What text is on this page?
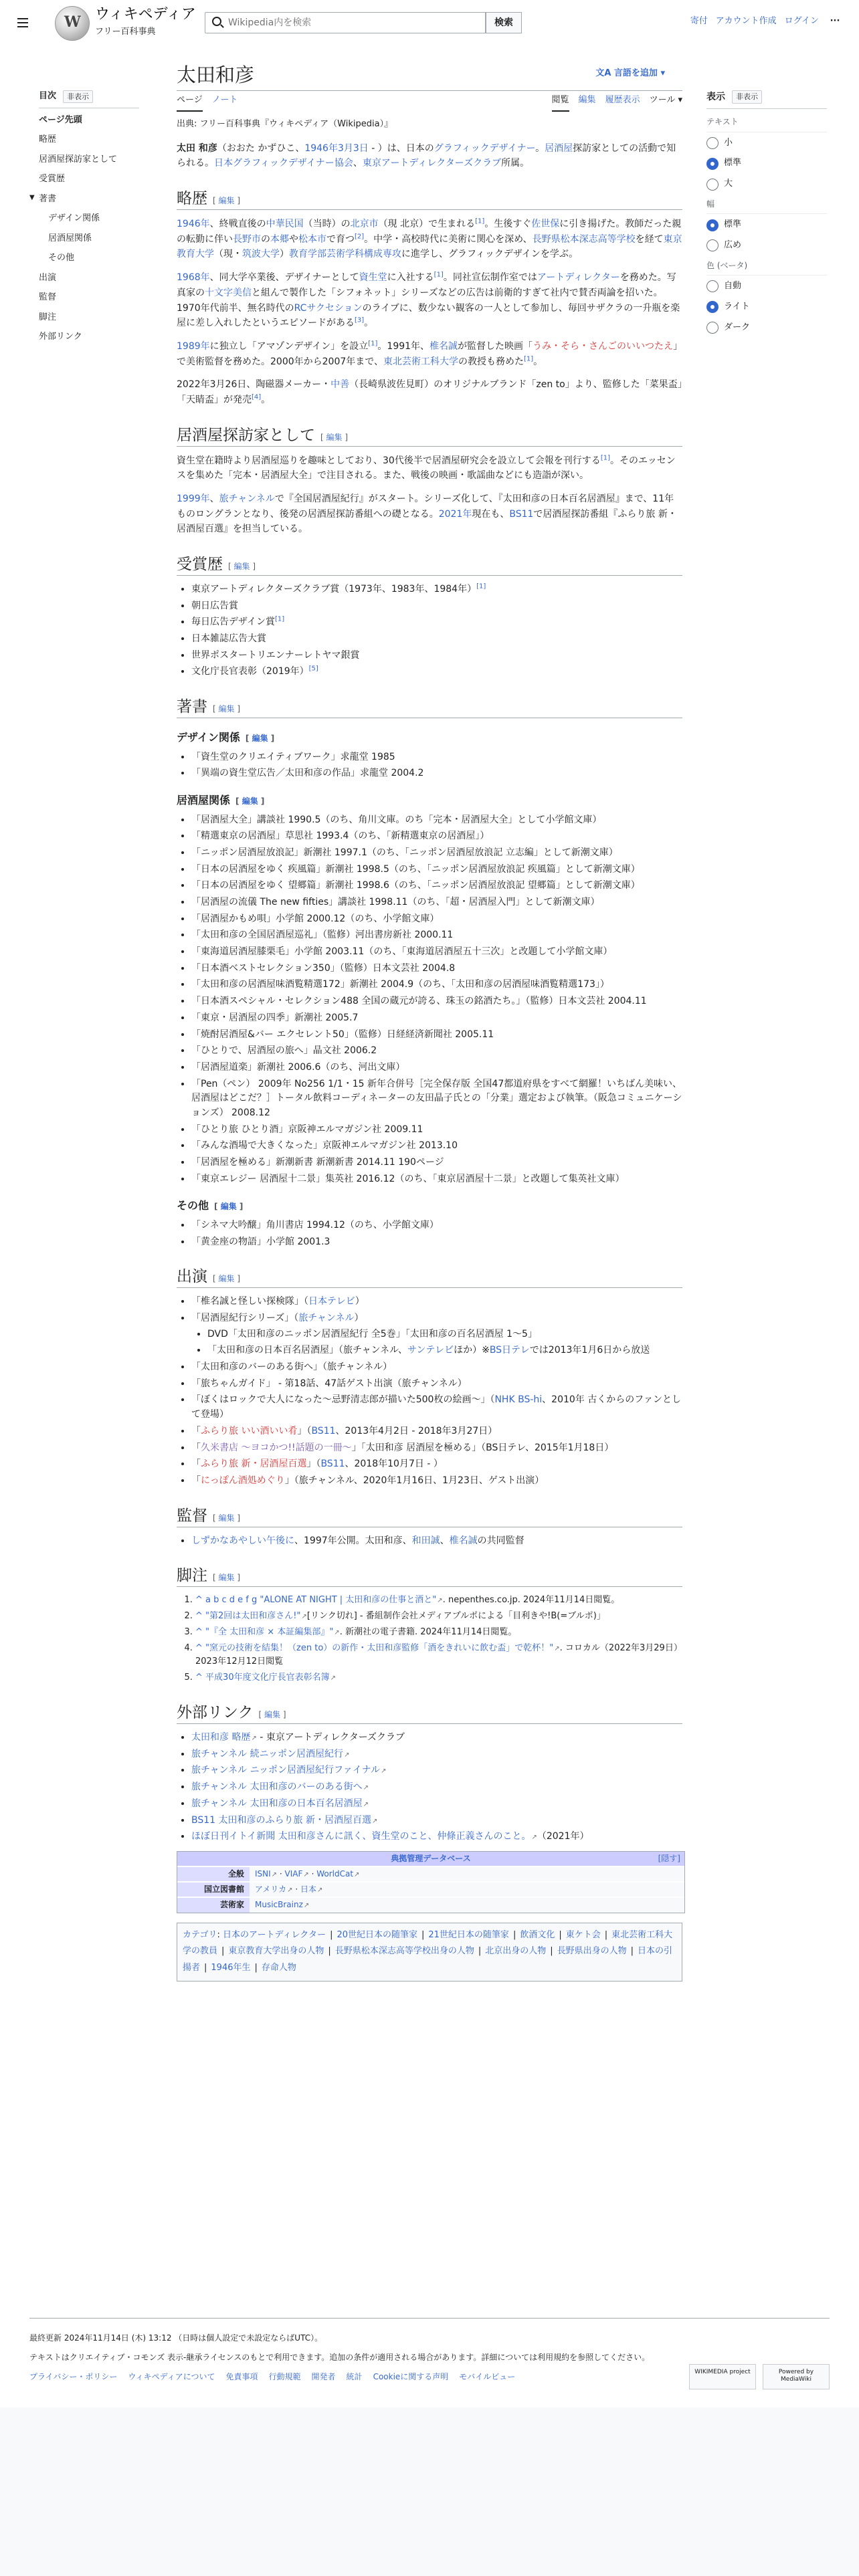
W ウィキペディア
フリー百科事典
Wikipedia内を検索
検索	寄付 アカウント作成 ログイン	···
目次	非表示
ページ先頭
略歴
居酒屋探訪家として
受賞歴
著書
▼
デザイン関係
居酒屋関係
その他
出演
監督
脚注
外部リンク
太田和彦	文A 言語を追加 ▾
ページ ノート	閲覧 編集 履歴表示 ツール ▾
出典: フリー百科事典『ウィキペディア（Wikipedia）』

太田 和彦（おおた かずひこ、1946年3月3日 - ）は、日本のグラフィックデザイナー。居酒屋探訪家としての活動で知られる。日本グラフィックデザイナー協会、東京アートディレクターズクラブ所属。

略歴 [ 編集 ]

1946年、終戦直後の中華民国（当時）の北京市（現 北京）で生まれる[1]。生後すぐ佐世保に引き揚げた。教師だった親の転勤に伴い長野市の本郷や松本市で育つ[2]。中学・高校時代に美術に関心を深め、長野県松本深志高等学校を経て東京教育大学（現・筑波大学）教育学部芸術学科構成専攻に進学し、グラフィックデザインを学ぶ。

1968年、同大学卒業後、デザイナーとして資生堂に入社する[1]。同社宣伝制作室ではアートディレクターを務めた。写真家の十文字美信と組んで製作した「シフォネット」シリーズなどの広告は前衛的すぎて社内で賛否両論を招いた。1970年代前半、無名時代のRCサクセションのライブに、数少ない観客の一人として参加し、毎回サザクラの一升瓶を楽屋に差し入れしたというエピソードがある[3]。

1989年に独立し「アマゾンデザイン」を設立[1]。1991年、椎名誠が監督した映画「うみ・そら・さんごのいいつたえ」で美術監督を務めた。2000年から2007年まで、東北芸術工科大学の教授も務めた[1]。

2022年3月26日、陶磁器メーカー・中善（長崎県波佐見町）のオリジナルブランド「zen to」より、監修した「菜果盃」「天睛盃」が発売[4]。

居酒屋探訪家として [ 編集 ]

資生堂在籍時より居酒屋巡りを趣味としており、30代後半で居酒屋研究会を設立して会報を刊行する[1]。そのエッセンスを集めた「完本・居酒屋大全」で注目される。また、戦後の映画・歌謡曲などにも造詣が深い。

1999年、旅チャンネルで『全国居酒屋紀行』がスタート。シリーズ化して、『太田和彦の日本百名居酒屋』まで、11年ものロングランとなり、後発の居酒屋探訪番組への礎となる。2021年現在も、BS11で居酒屋探訪番組『ふらり旅 新・居酒屋百選』を担当している。

受賞歴 [ 編集 ]
• 東京アートディレクターズクラブ賞（1973年、1983年、1984年）[1]
• 朝日広告賞
• 毎日広告デザイン賞[1]
• 日本雑誌広告大賞
• 世界ポスタートリエンナーレトヤマ銀賞
• 文化庁長官表彰（2019年）[5]
著書 [ 編集 ]
デザイン関係 [ 編集 ]
• 「資生堂のクリエイティブワーク」求龍堂 1985
• 「異端の資生堂広告／太田和彦の作品」求龍堂 2004.2
居酒屋関係 [ 編集 ]
• 「居酒屋大全」講談社 1990.5（のち、角川文庫。のち「完本・居酒屋大全」として小学館文庫）
• 「精選東京の居酒屋」草思社 1993.4（のち、「新精選東京の居酒屋」）
• 「ニッポン居酒屋放浪記」新潮社 1997.1（のち、「ニッポン居酒屋放浪記 立志編」として新潮文庫）
• 「日本の居酒屋をゆく 疾風篇」新潮社 1998.5（のち、「ニッポン居酒屋放浪記 疾風篇」として新潮文庫）
• 「日本の居酒屋をゆく 望郷篇」新潮社 1998.6（のち、「ニッポン居酒屋放浪記 望郷篇」として新潮文庫）
• 「居酒屋の流儀 The new fifties」講談社 1998.11（のち、「超・居酒屋入門」として新潮文庫）
• 「居酒屋かもめ唄」小学館 2000.12（のち、小学館文庫）
• 「太田和彦の全国居酒屋巡礼」（監修）河出書房新社 2000.11
• 「東海道居酒屋膝栗毛」小学館 2003.11（のち、「東海道居酒屋五十三次」と改題して小学館文庫）
• 「日本酒ベストセレクション350」（監修）日本文芸社 2004.8
• 「太田和彦の居酒屋味酒覧精選172」新潮社 2004.9（のち、「太田和彦の居酒屋味酒覧精選173」）
• 「日本酒スペシャル・セレクション488 全国の蔵元が誇る、珠玉の銘酒たち。」（監修）日本文芸社 2004.11
• 「東京・居酒屋の四季」新潮社 2005.7
• 「焼酎居酒屋&バー エクセレント50」（監修）日経経済新聞社 2005.11
• 「ひとりで、居酒屋の旅へ」晶文社 2006.2
• 「居酒屋道楽」新潮社 2006.6（のち、河出文庫）
• 「Pen（ペン） 2009年 No256 1/1・15 新年合併号［完全保存版 全国47都道府県をすべて網羅！いちばん美味い、居酒屋はどこだ？］トータル飲料コーディネーターの友田晶子氏との「分業」選定および執筆。（阪急コミュニケーションズ） 2008.12
• 「ひとり旅 ひとり酒」京阪神エルマガジン社 2009.11
• 「みんな酒場で大きくなった」京阪神エルマガジン社 2013.10
• 「居酒屋を極める」新潮新書 新潮新書 2014.11 190ページ
• 「東京エレジー 居酒屋十二景」集英社 2016.12（のち、「東京居酒屋十二景」と改題して集英社文庫）
その他 [ 編集 ]
• 「シネマ大吟醸」角川書店 1994.12（のち、小学館文庫）
• 「黄金座の物語」小学館 2001.3
出演 [ 編集 ]
• 「椎名誠と怪しい探検隊」（日本テレビ）
• 「居酒屋紀行シリーズ」（旅チャンネル）
• DVD「太田和彦のニッポン居酒屋紀行 全5巻」「太田和彦の百名居酒屋 1〜5」
• 「太田和彦の日本百名居酒屋」（旅チャンネル、サンテレビほか）※BS日テレでは2013年1月6日から放送
• 「太田和彦のバーのある街へ」（旅チャンネル）
• 「旅ちゃんガイド」 - 第18話、47話ゲスト出演（旅チャンネル）
• 「ぼくはロックで大人になった〜忌野清志郎が描いた500枚の絵画〜」（NHK BS-hi、2010年 古くからのファンとして登場）
• 「ふらり旅 いい酒いい肴」（BS11、2013年4月2日 - 2018年3月27日）
• 「久米書店 〜ヨコかつ!!話題の一冊〜」「太田和彦 居酒屋を極める」（BS日テレ、2015年1月18日）
• 「ふらり旅 新・居酒屋百選」（BS11、2018年10月7日 - ）
• 「にっぽん酒処めぐり」（旅チャンネル、2020年1月16日、1月23日、ゲスト出演）
監督 [ 編集 ]
• しずかなあやしい午後に、1997年公開。太田和彦、和田誠、椎名誠の共同監督
脚注 [ 編集 ]
1. ^ a b c d e f g "ALONE AT NIGHT | 太田和彦の仕事と酒と" ↗ . nepenthes.co.jp. 2024年11月14日閲覧。
2. ^ "第2回は太田和彦さん!" ↗ [リンク切れ] - 番組制作会社メディアプルポによる「目利きや!B(=ブルポ)」
3. ^ "『全 太田和彦 × 本証編集部』" ↗ . 新潮社の電子書籍. 2024年11月14日閲覧。
4. ^ "窯元の技術を結集！（zen to）の新作・太田和彦監修「酒をきれいに飲む盃」で乾杯！" ↗ . コロカル（2022年3月29日）2023年12月12日閲覧
5. ^ 平成30年度文化庁長官表彰名簿 ↗
外部リンク [ 編集 ]
• 太田和彦 略歴 ↗ - 東京アートディレクターズクラブ
• 旅チャンネル 続ニッポン居酒屋紀行 ↗
• 旅チャンネル ニッポン居酒屋紀行ファイナル ↗
• 旅チャンネル 太田和彦のバーのある街へ ↗
• 旅チャンネル 太田和彦の日本百名居酒屋 ↗
• BS11 太田和彦のふらり旅 新・居酒屋百選 ↗
• ほぼ日刊イトイ新聞 太田和彦さんに訊く、資生堂のこと、仲條正義さんのこと。 ↗ （2021年）
典拠管理データベース	[隠す]
全般	ISNI ↗ · VIAF ↗ · WorldCat ↗
国立図書館	アメリカ ↗ · 日本 ↗
芸術家	MusicBrainz ↗
カテゴリ: 日本のアートディレクター | 20世紀日本の随筆家 | 21世紀日本の随筆家 | 飲酒文化 | 東ケト会 | 東北芸術工科大学の教員 | 東京教育大学出身の人物 | 長野県松本深志高等学校出身の人物 | 北京出身の人物 | 長野県出身の人物 | 日本の引揚者 | 1946年生 | 存命人物
表示	非表示
テキスト
小
標準
大
幅
標準
広め
色 (ベータ)
自動
ライト
ダーク

最終更新 2024年11月14日 (木) 13:12 （日時は個人設定で未設定ならばUTC）。

テキストはクリエイティブ・コモンズ 表示-継承ライセンスのもとで利用できます。追加の条件が適用される場合があります。詳細については利用規約を参照してください。

プライバシー・ポリシー ウィキペディアについて 免責事項 行動規範 開発者 統計 Cookieに関する声明 モバイルビュー
WIKIMEDIA project	Powered by MediaWiki
